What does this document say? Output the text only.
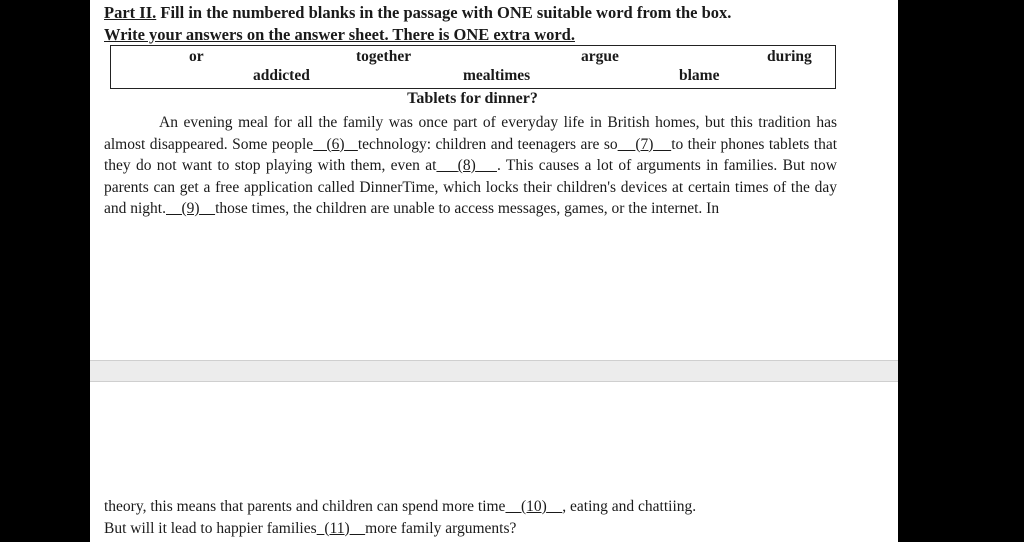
Part II. Fill in the numbered blanks in the passage with ONE suitable word from the box.
Write your answers on the answer sheet. There is ONE extra word.
or	together	argue	during
addicted	mealtimes	blame
Tablets for dinner?
An evening meal for all the family was once part of everyday life in British homes, but this tradition has almost disappeared. Some people (6) technology: children and teenagers are so (7) to their phones tablets that they do not want to stop playing with them, even at (8) . This causes a lot of arguments in families. But now parents can get a free application called DinnerTime, which locks their children's devices at certain times of the day and night. (9) those times, the children are unable to access messages, games, or the internet. In
theory, this means that parents and children can spend more time (10) , eating and chattiing.
But will it lead to happier families (11) more family arguments?
